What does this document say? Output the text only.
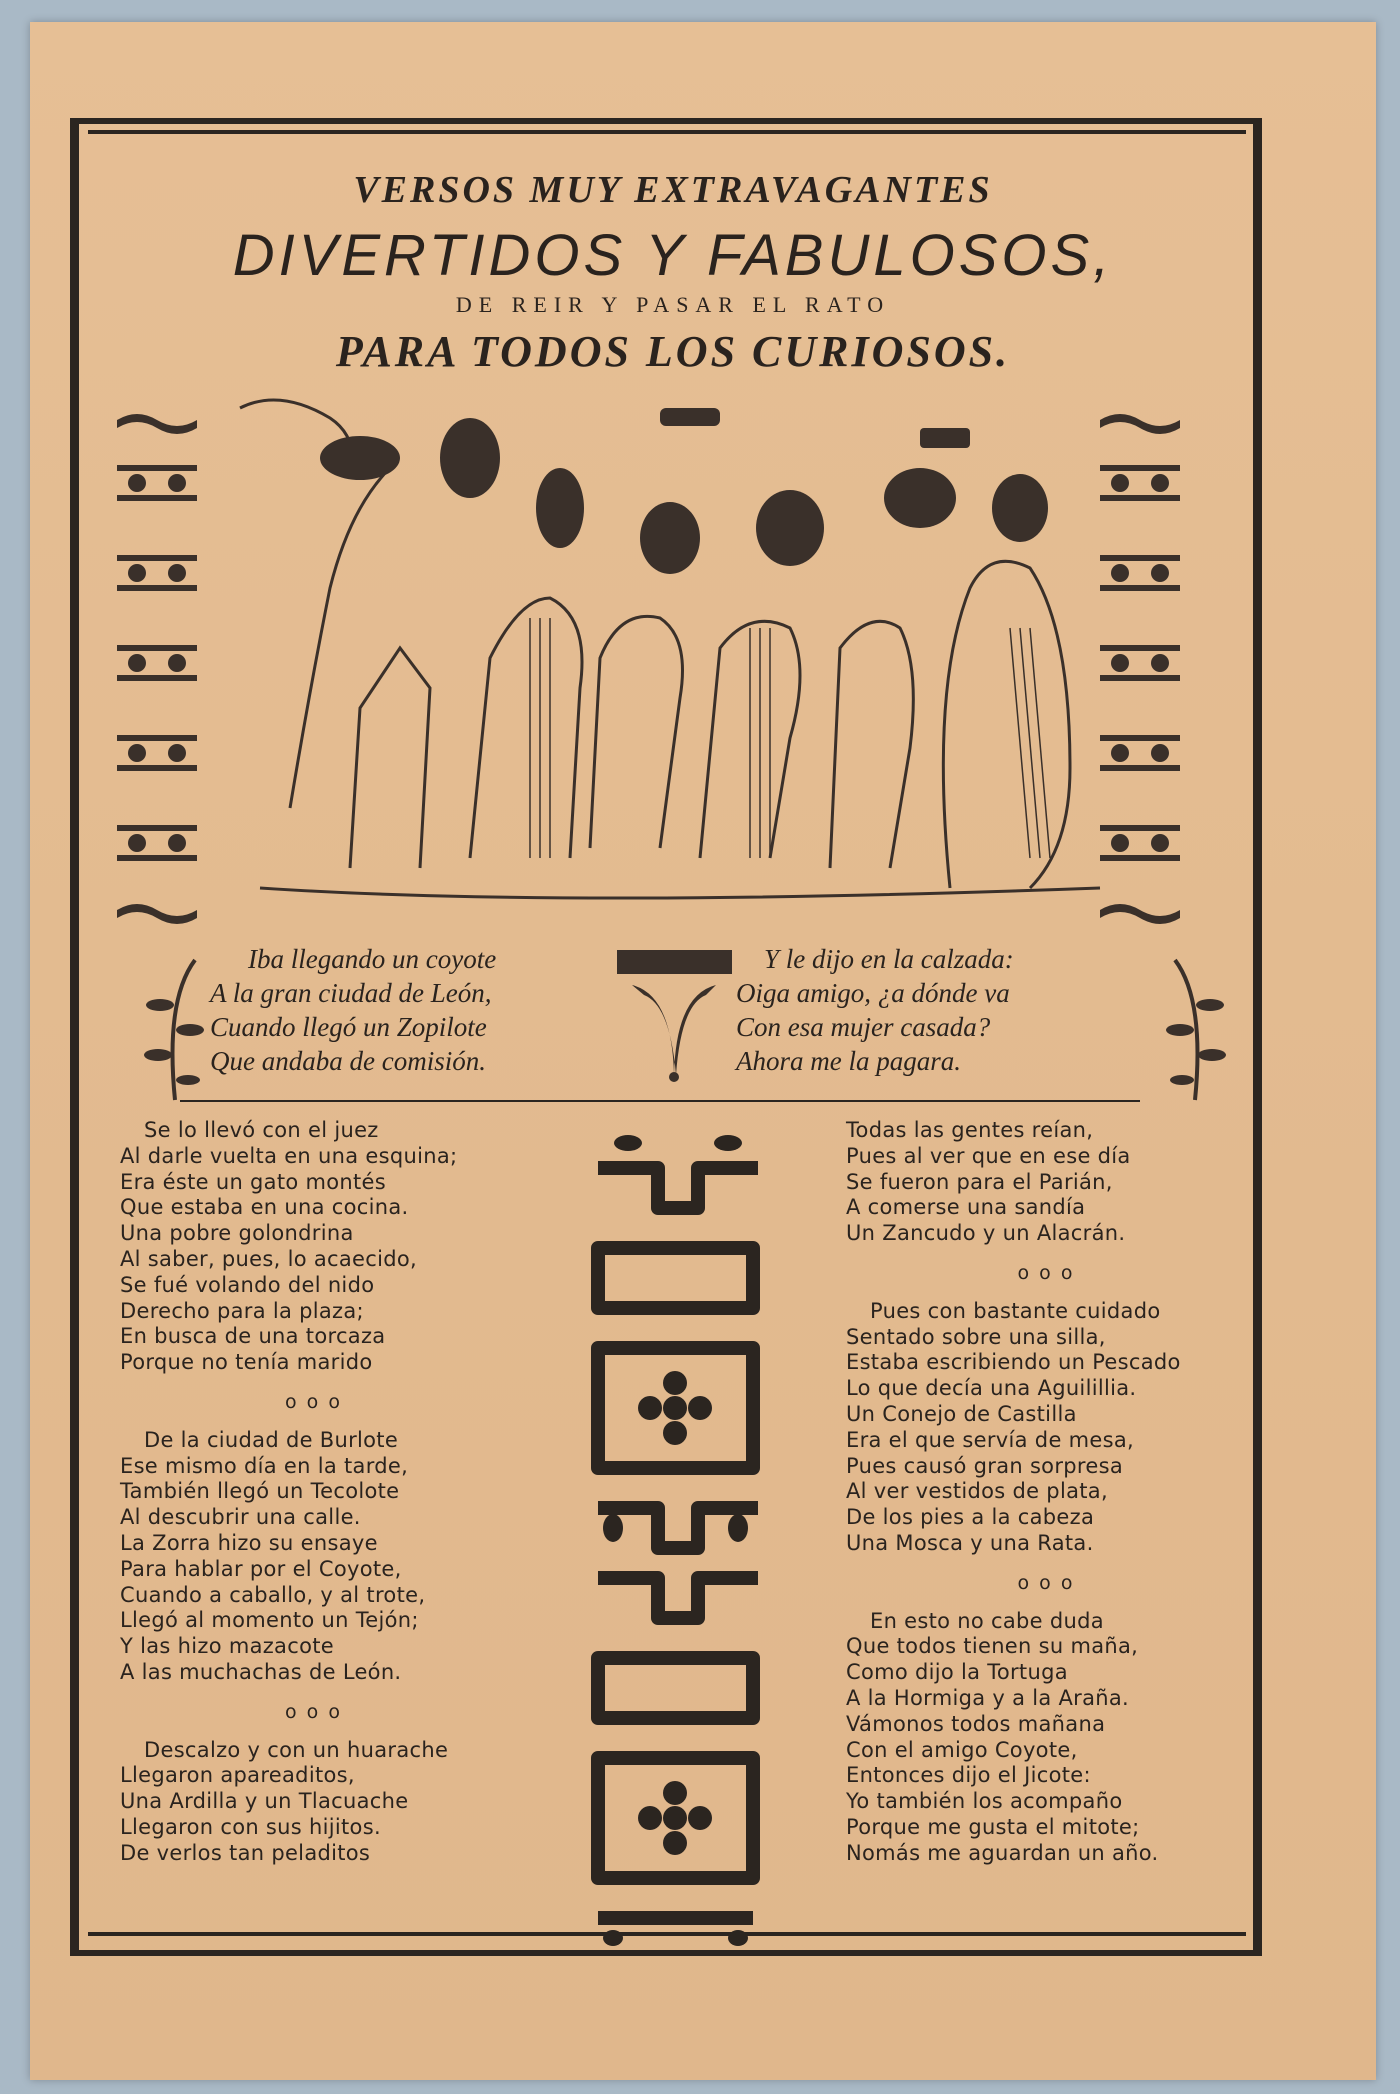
VERSOS MUY EXTRAVAGANTES
DIVERTIDOS Y FABULOSOS,
DE REIR Y PASAR EL RATO
PARA TODOS LOS CURIOSOS.
Iba llegando un coyote
A la gran ciudad de León,
Cuando llegó un Zopilote
Que andaba de comisión.
Y le dijo en la calzada:
Oiga amigo, ¿a dónde va
Con esa mujer casada?
Ahora me la pagara.
Se lo llevó con el juez
Al darle vuelta en una esquina;
Era éste un gato montés
Que estaba en una cocina.
Una pobre golondrina
Al saber, pues, lo acaecido,
Se fué volando del nido
Derecho para la plaza;
En busca de una torcaza
Porque no tenía marido
o o o
De la ciudad de Burlote
Ese mismo día en la tarde,
También llegó un Tecolote
Al descubrir una calle.
La Zorra hizo su ensaye
Para hablar por el Coyote,
Cuando a caballo, y al trote,
Llegó al momento un Tejón;
Y las hizo mazacote
A las muchachas de León.
o o o
Descalzo y con un huarache
Llegaron apareaditos,
Una Ardilla y un Tlacuache
Llegaron con sus hijitos.
De verlos tan peladitos
Todas las gentes reían,
Pues al ver que en ese día
Se fueron para el Parián,
A comerse una sandía
Un Zancudo y un Alacrán.
o o o
Pues con bastante cuidado
Sentado sobre una silla,
Estaba escribiendo un Pescado
Lo que decía una Aguilillia.
Un Conejo de Castilla
Era el que servía de mesa,
Pues causó gran sorpresa
Al ver vestidos de plata,
De los pies a la cabeza
Una Mosca y una Rata.
o o o
En esto no cabe duda
Que todos tienen su maña,
Como dijo la Tortuga
A la Hormiga y a la Araña.
Vámonos todos mañana
Con el amigo Coyote,
Entonces dijo el Jicote:
Yo también los acompaño
Porque me gusta el mitote;
Nomás me aguardan un año.
